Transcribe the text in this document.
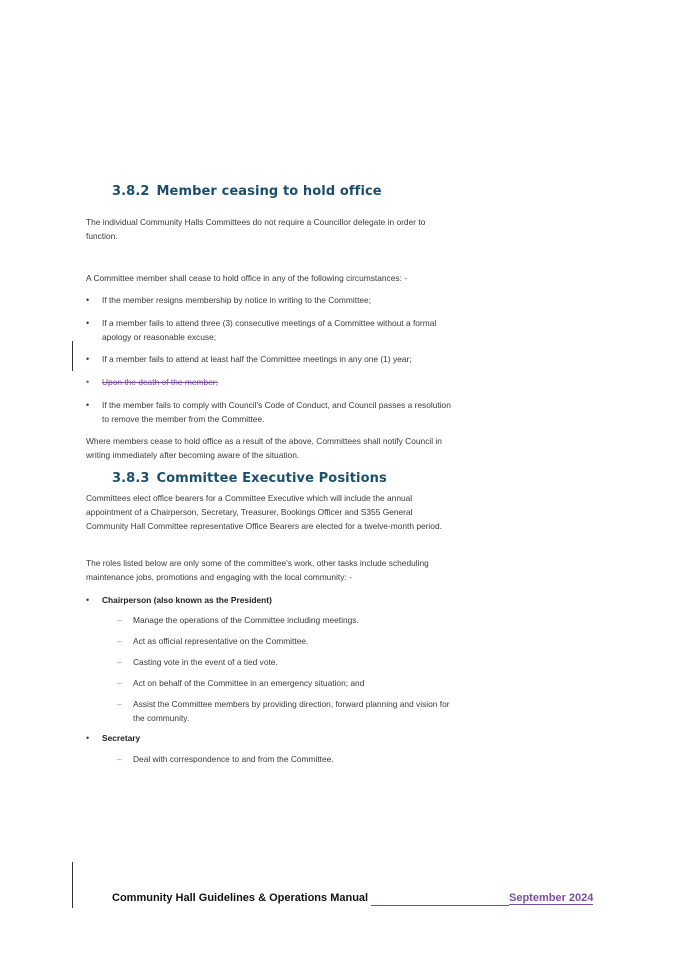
3.8.2 Member ceasing to hold office
The individual Community Halls Committees do not require a Councillor delegate in order to function.
A Committee member shall cease to hold office in any of the following circumstances: -
•	If the member resigns membership by notice in writing to the Committee;
•	If a member fails to attend three (3) consecutive meetings of a Committee without a formal apology or reasonable excuse;
•	If a member fails to attend at least half the Committee meetings in any one (1) year;
•	Upon the death of the member;
•	If the member fails to comply with Council's Code of Conduct, and Council passes a resolution to remove the member from the Committee.
Where members cease to hold office as a result of the above, Committees shall notify Council in writing immediately after becoming aware of the situation.
3.8.3 Committee Executive Positions
Committees elect office bearers for a Committee Executive which will include the annual appointment of a Chairperson, Secretary, Treasurer, Bookings Officer and S355 General Community Hall Committee representative Office Bearers are elected for a twelve-month period.
The roles listed below are only some of the committee's work, other tasks include scheduling maintenance jobs, promotions and engaging with the local community: -
•	Chairperson (also known as the President)
– Manage the operations of the Committee including meetings.
– Act as official representative on the Committee.
– Casting vote in the event of a tied vote.
– Act on behalf of the Committee in an emergency situation; and
– Assist the Committee members by providing direction, forward planning and vision for the community.
•	Secretary
– Deal with correspondence to and from the Committee.
Community Hall Guidelines & Operations Manual	September 2024
